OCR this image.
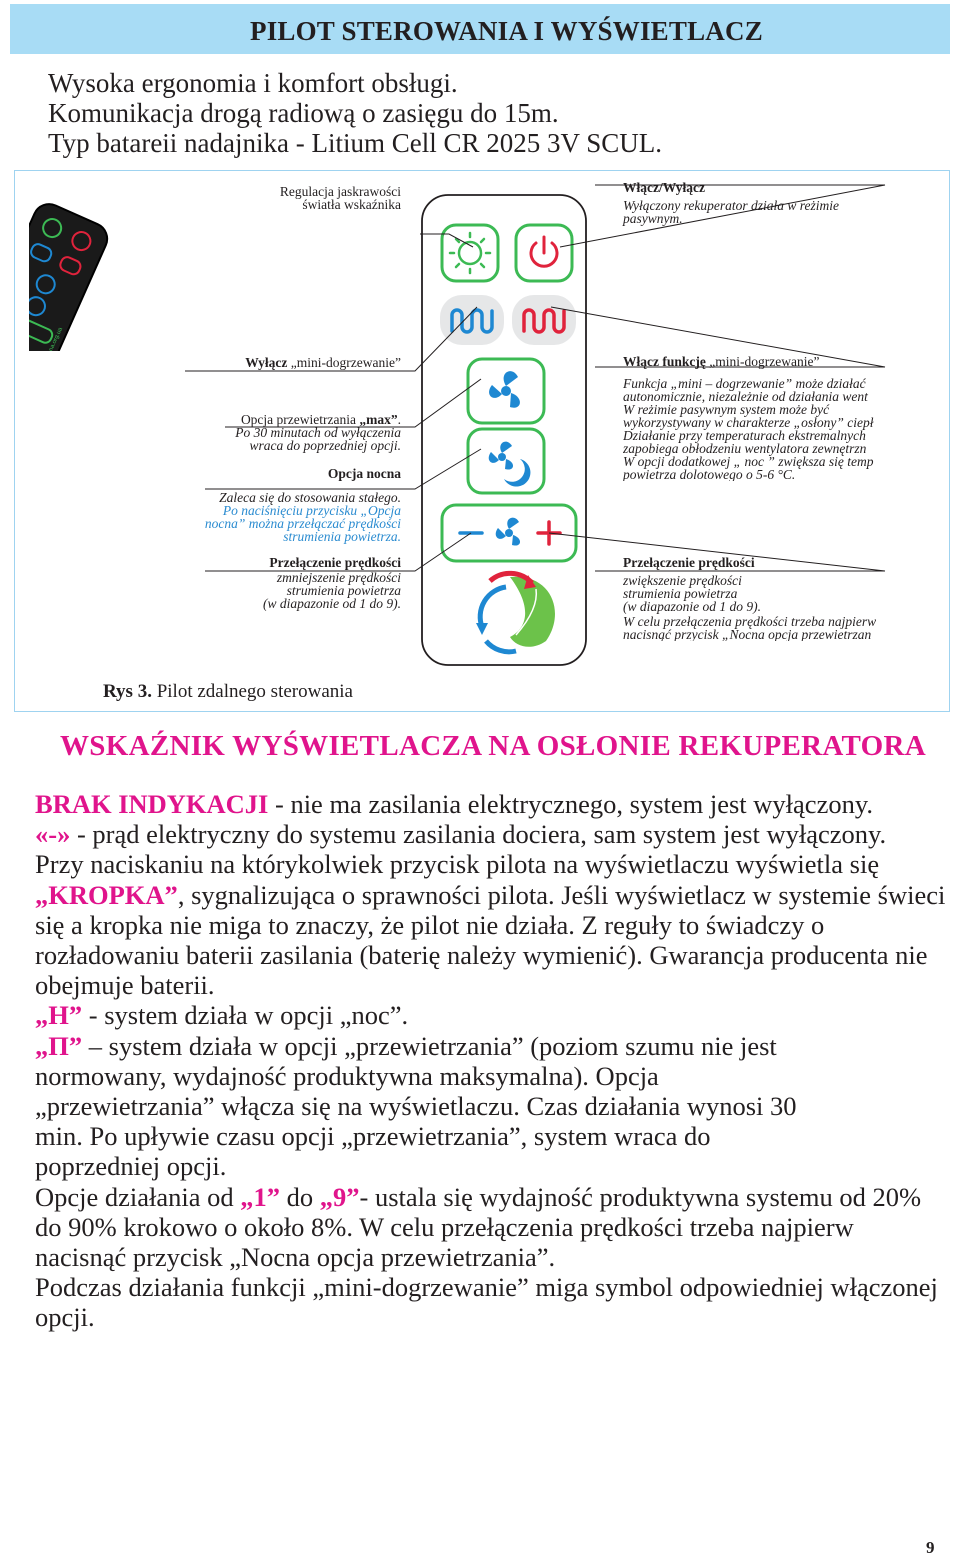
PILOT STEROWANIA I WYŚWIETLACZ
Wysoka ergonomia i komfort obsługi.
Komunikacja drogą radiową o zasięgu do 15m.
Typ batareii nadajnika - Litium Cell CR 2025 3V SCUL.
Regulacja jaskrawości
światła wskaźnika
Wyłącz „mini-dogrzewanie”
Opcja przewietrzania „max”.
Po 30 minutach od wyłączenia
wraca do poprzedniej opcji.
Opcja nocna
Zaleca się do stosowania stałego.
Po naciśnięciu przycisku „Opcja
nocna” można przełączać prędkości
strumienia powietrza.
Przełączenie prędkości
zmniejszenie prędkości
strumienia powietrza
(w diapazonie od 1 do 9).
Włącz/Wyłącz
Wyłączony rekuperator działa w reżimie
pasywnym.
Włącz funkcję „mini-dogrzewanie”
Funkcja „mini – dogrzewanie” może działać
autonomicznie, niezależnie od działania went
W reżimie pasywnym system może być
wykorzystywany w charakterze „osłony” ciepł
Działanie przy temperaturach ekstremalnych
zapobiega obłodzeniu wentylatora zewnętrzn
W opcji dodatkowej „ noc ” zwiększa się temp
powietrza dolotowego o 5-6 °C.
Przełączenie prędkości
zwiększenie prędkości
strumienia powietrza
(w diapazonie od 1 do 9).
W celu przełączenia prędkości trzeba najpierw
nacisnąć przycisk „Nocna opcja przewietrzan
Rys 3. Pilot zdalnego sterowania
WSKAŹNIK WYŚWIETLACZA NA OSŁONIE REKUPERATORA

BRAK INDYKACJI - nie ma zasilania elektrycznego, system jest wyłączony.

«-» - prąd elektryczny do systemu zasilania dociera, sam system jest wyłączony.

Przy naciskaniu na którykolwiek przycisk pilota na wyświetlaczu wyświetla się „KROPKA”, sygnalizująca o sprawności pilota. Jeśli wyświetlacz w systemie świeci się a kropka nie miga to znaczy, że pilot nie działa. Z reguły to świadczy o rozładowaniu baterii zasilania (baterię należy wymienić). Gwarancja producenta nie obejmuje baterii.

„H” - system działa w opcji „noc”.

„П” – system działa w opcji „przewietrzania” (poziom szumu nie jest normowany, wydajność produktywna maksymalna). Opcja „przewietrzania” włącza się na wyświetlaczu. Czas działania wynosi 30 min. Po upływie czasu opcji „przewietrzania”, system wraca do poprzedniej opcji.

Opcje działania od „1” do „9”- ustala się wydajność produktywna systemu od 20% do 90% krokowo o około 8%. W celu przełączenia prędkości trzeba najpierw nacisnąć przycisk „Nocna opcja przewietrzania”.

Podczas działania funkcji „mini-dogrzewanie” miga symbol odpowiedniej włączonej opcji.

9
